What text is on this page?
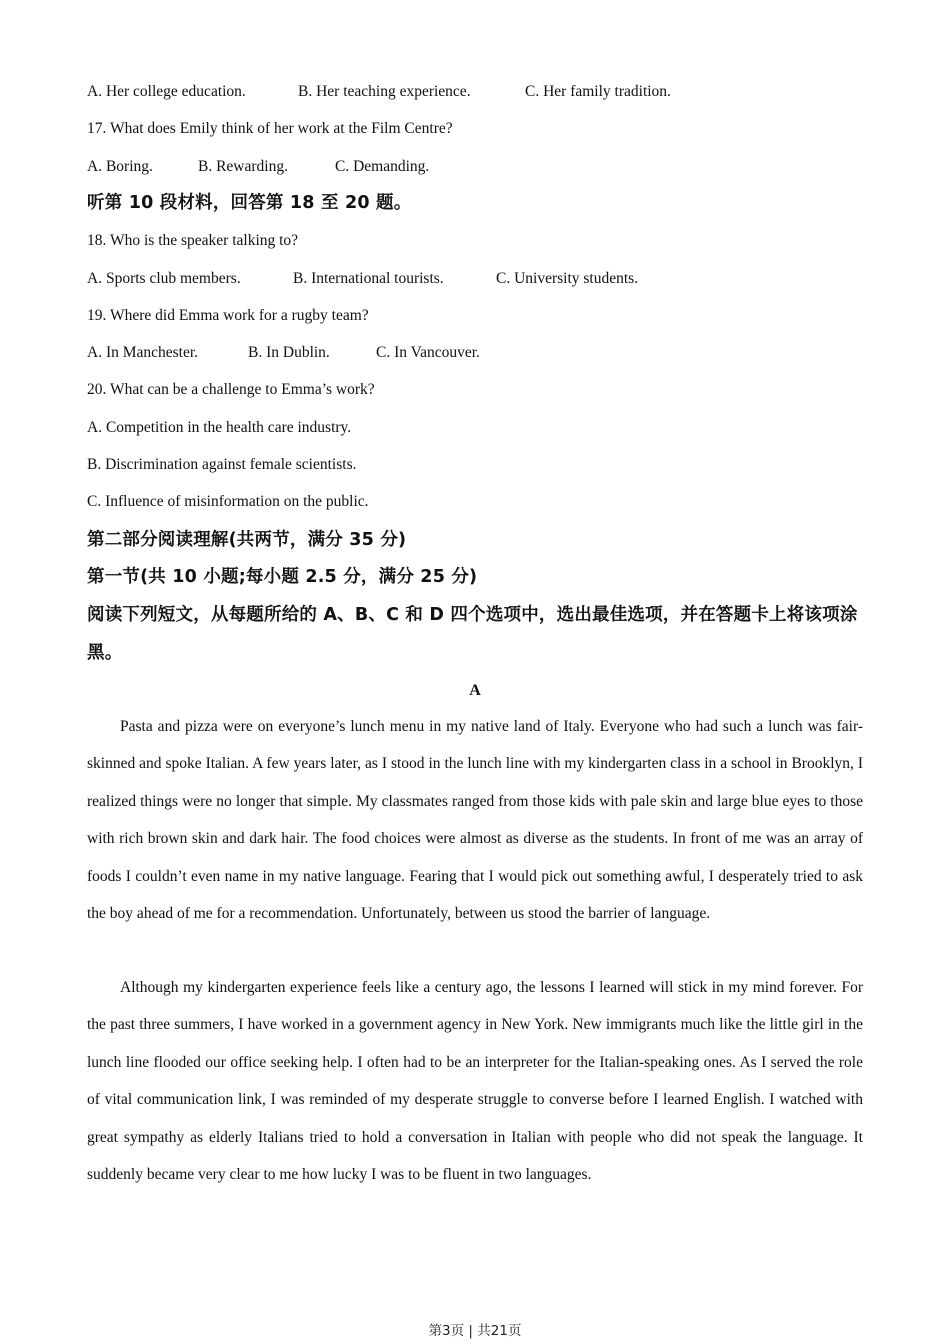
A. Her college education.	B. Her teaching experience.	C. Her family tradition.
17. What does Emily think of her work at the Film Centre?
A. Boring.	B. Rewarding.	C. Demanding.
听第 10 段材料，回答第 18 至 20 题。
18. Who is the speaker talking to?
A. Sports club members.	B. International tourists.	C. University students.
19. Where did Emma work for a rugby team?
A. In Manchester.	B. In Dublin.	C. In Vancouver.
20. What can be a challenge to Emma’s work?
A. Competition in the health care industry.
B. Discrimination against female scientists.
C. Influence of misinformation on the public.
第二部分阅读理解(共两节，满分 35 分)
第一节(共 10 小题;每小题 2.5 分，满分 25 分)
阅读下列短文，从每题所给的 A、B、C 和 D 四个选项中，选出最佳选项，并在答题卡上将该项涂黑。
A

Pasta and pizza were on everyone’s lunch menu in my native land of Italy. Everyone who had such a lunch was fair-skinned and spoke Italian. A few years later, as I stood in the lunch line with my kindergarten class in a school in Brooklyn, I realized things were no longer that simple. My classmates ranged from those kids with pale skin and large blue eyes to those with rich brown skin and dark hair. The food choices were almost as diverse as the students. In front of me was an array of foods I couldn’t even name in my native language. Fearing that I would pick out something awful, I desperately tried to ask the boy ahead of me for a recommendation. Unfortunately, between us stood the barrier of language.

Although my kindergarten experience feels like a century ago, the lessons I learned will stick in my mind forever. For the past three summers, I have worked in a government agency in New York. New immigrants much like the little girl in the lunch line flooded our office seeking help. I often had to be an interpreter for the Italian-speaking ones. As I served the role of vital communication link, I was reminded of my desperate struggle to converse before I learned English. I watched with great sympathy as elderly Italians tried to hold a conversation in Italian with people who did not speak the language. It suddenly became very clear to me how lucky I was to be fluent in two languages.

第3页 | 共21页
